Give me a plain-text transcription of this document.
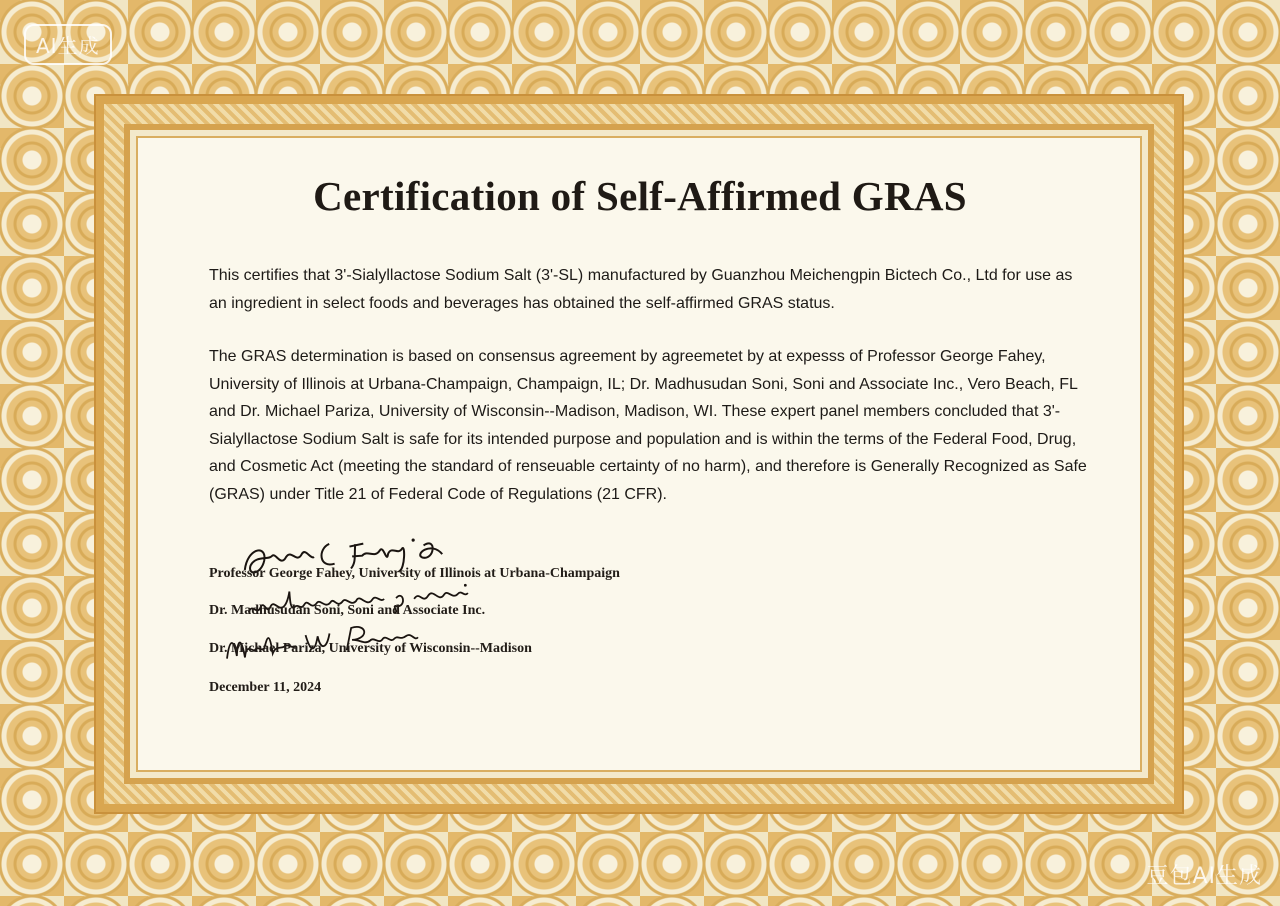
Certification of Self-Affirmed GRAS
This certifies that 3'-Sialyllactose Sodium Salt (3'-SL) manufactured by Guanzhou Meichengpin Bictech Co., Ltd for use as an ingredient in select foods and beverages has obtained the self-affirmed GRAS status.
The GRAS determination is based on consensus agreement by agreemetet by at expesss of Professor George Fahey, University of Illinois at Urbana-Champaign, Champaign, IL; Dr. Madhusudan Soni, Soni and Associate Inc., Vero Beach, FL and Dr. Michael Pariza, University of Wisconsin--Madison, Madison, WI. These expert panel members concluded that 3'-Sialyllactose Sodium Salt is safe for its intended purpose and population and is within the terms of the Federal Food, Drug, and Cosmetic Act (meeting the standard of renseuable certainty of no harm), and therefore is Generally Recognized as Safe (GRAS) under Title 21 of Federal Code of Regulations (21 CFR).
Professor George Fahey, University of Illinois at Urbana-Champaign
Dr. Madhusudan Soni, Soni and Associate Inc.
Dr. Michael Pariza, University of Wisconsin--Madison
December 11, 2024
AI生成
豆包AI生成
